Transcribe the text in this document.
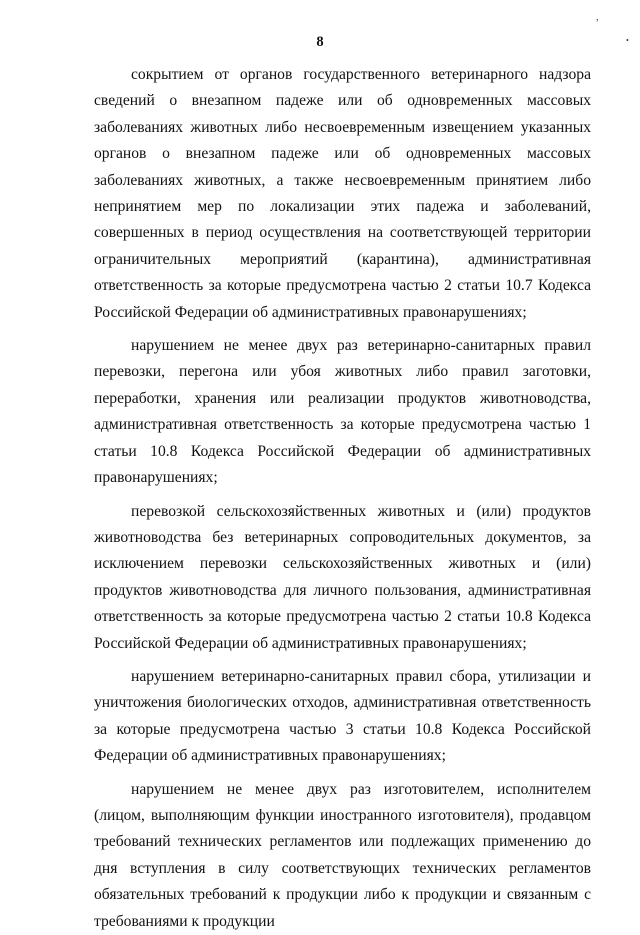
,
•
8

сокрытием от органов государственного ветеринарного надзора сведений о внезапном падеже или об одновременных массовых заболеваниях животных либо несвоевременным извещением указанных органов о внезапном падеже или об одновременных массовых заболеваниях животных, а также несвоевременным принятием либо непринятием мер по локализации этих падежа и заболеваний, совершенных в период осуществления на соответствующей территории ограничительных мероприятий (карантина), административная ответственность за которые предусмотрена частью 2 статьи 10.7 Кодекса Российской Федерации об административных правонарушениях;

нарушением не менее двух раз ветеринарно-санитарных правил перевозки, перегона или убоя животных либо правил заготовки, переработки, хранения или реализации продуктов животноводства, административная ответственность за которые предусмотрена частью 1 статьи 10.8 Кодекса Российской Федерации об административных правонарушениях;

перевозкой сельскохозяйственных животных и (или) продуктов животноводства без ветеринарных сопроводительных документов, за исключением перевозки сельскохозяйственных животных и (или) продуктов животноводства для личного пользования, административная ответственность за которые предусмотрена частью 2 статьи 10.8 Кодекса Российской Федерации об административных правонарушениях;

нарушением ветеринарно-санитарных правил сбора, утилизации и уничтожения биологических отходов, административная ответственность за которые предусмотрена частью 3 статьи 10.8 Кодекса Российской Федерации об административных правонарушениях;

нарушением не менее двух раз изготовителем, исполнителем (лицом, выполняющим функции иностранного изготовителя), продавцом требований технических регламентов или подлежащих применению до дня вступления в силу соответствующих технических регламентов обязательных требований к продукции либо к продукции и связанным с требованиями к продукции
